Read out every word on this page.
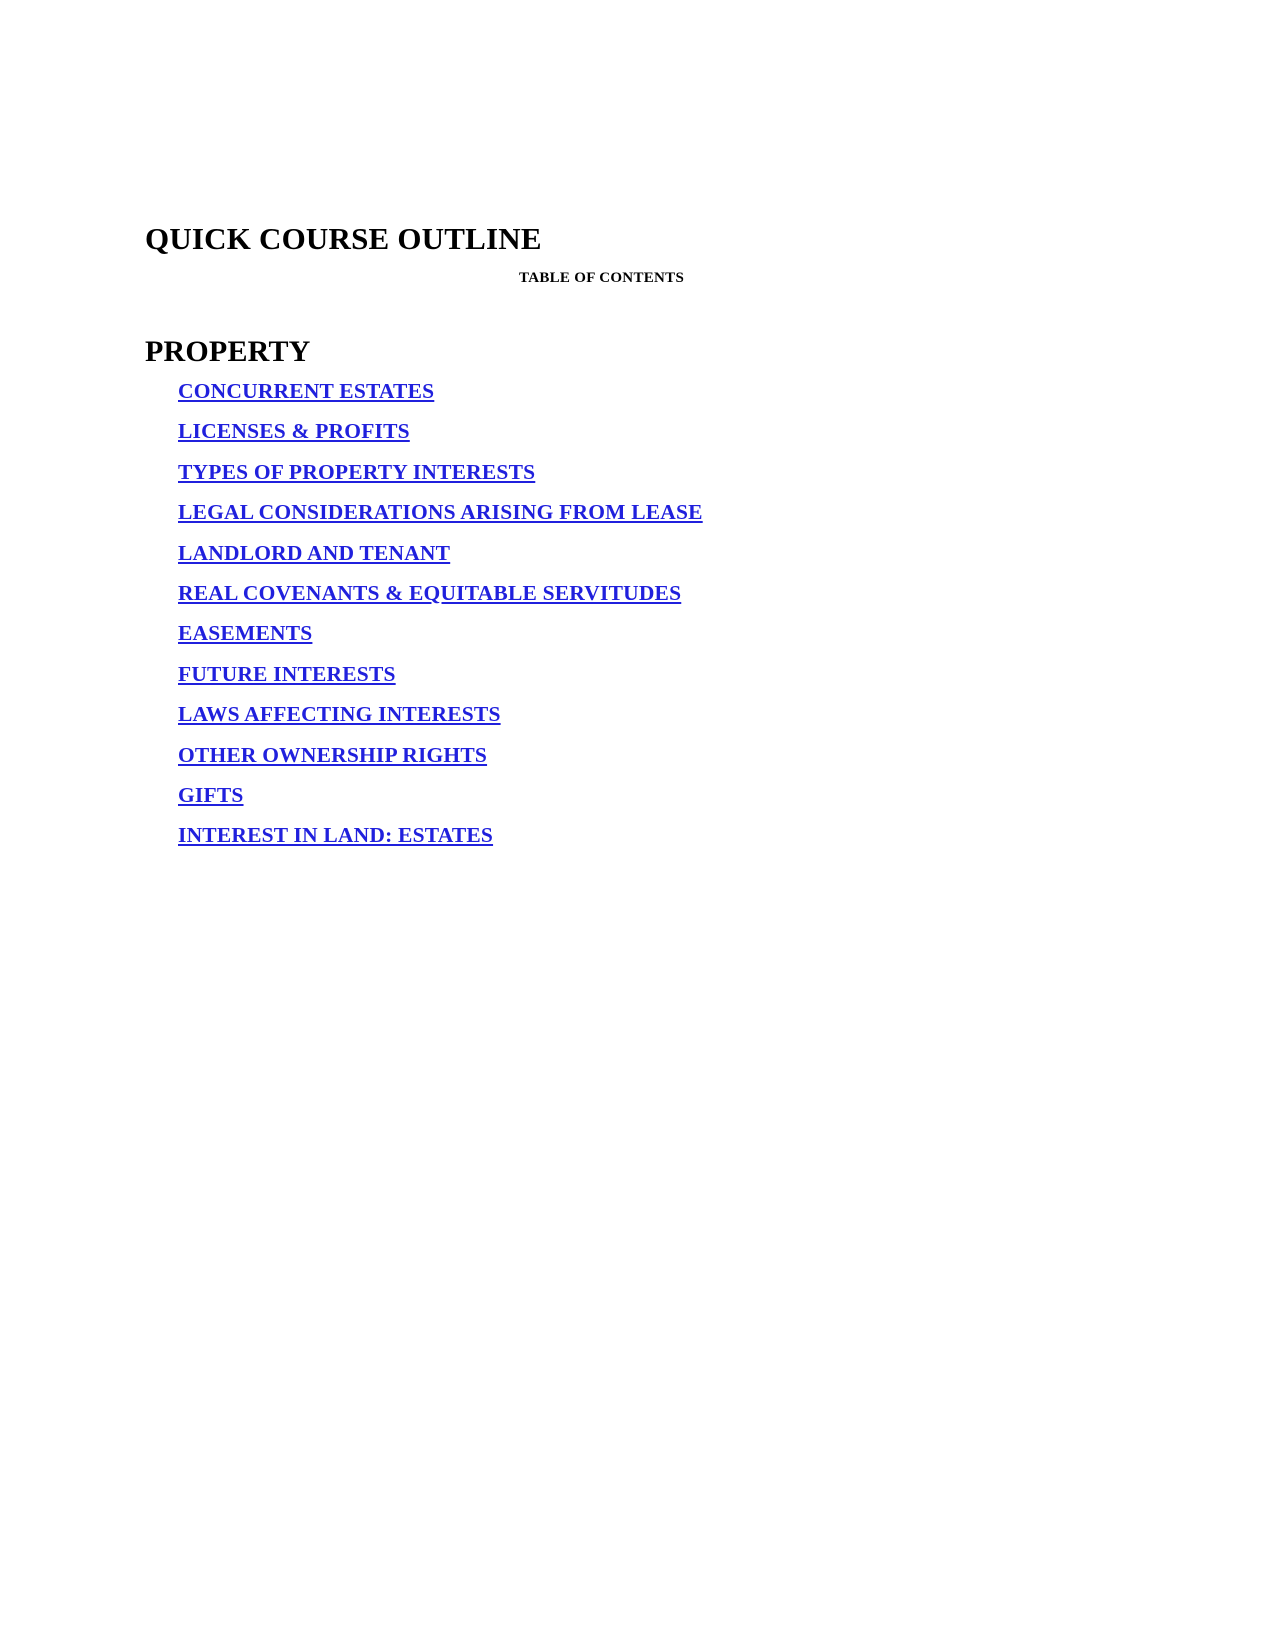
QUICK COURSE OUTLINE
TABLE OF CONTENTS
PROPERTY
CONCURRENT ESTATES
LICENSES & PROFITS
TYPES OF PROPERTY INTERESTS
LEGAL CONSIDERATIONS ARISING FROM LEASE
LANDLORD AND TENANT
REAL COVENANTS & EQUITABLE SERVITUDES
EASEMENTS
FUTURE INTERESTS
LAWS AFFECTING INTERESTS
OTHER OWNERSHIP RIGHTS
GIFTS
INTEREST IN LAND: ESTATES
